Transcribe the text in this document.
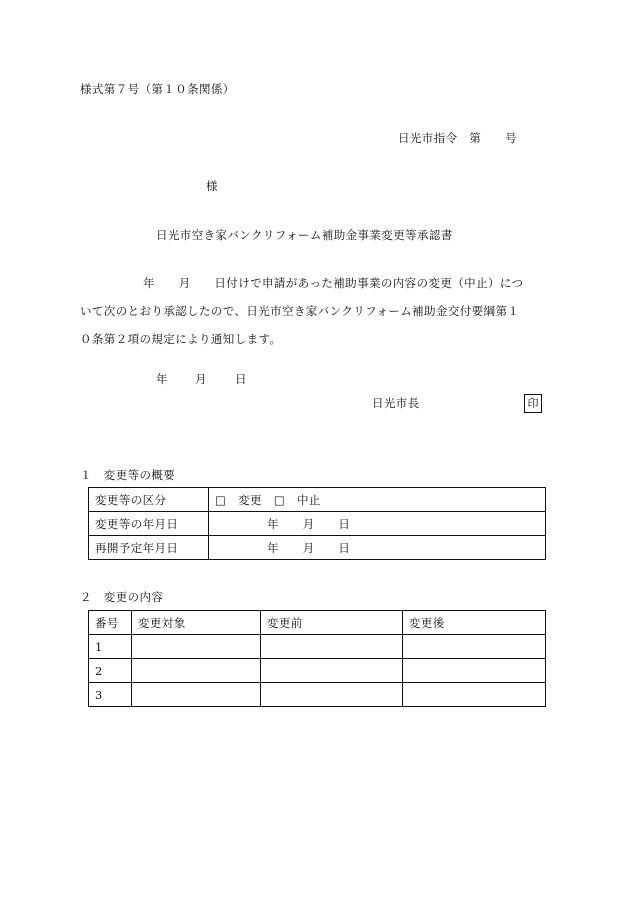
様式第７号（第１０条関係）
日光市指令　第　　号
様
日光市空き家バンクリフォーム補助金事業変更等承認書
年　　月　　日付けで申請があった補助事業の内容の変更（中止）につ
いて次のとおり承認したので、日光市空き家バンクリフォーム補助金交付要綱第１
０条第２項の規定により通知します。
年 月 日
日光市長	印
１　変更等の概要
変更等の区分	□　変更　□　中止
変更等の年月日	年　　月　　日
再開予定年月日	年　　月　　日
２　変更の内容
番号	変更対象	変更前	変更後
1			
2			
3			
